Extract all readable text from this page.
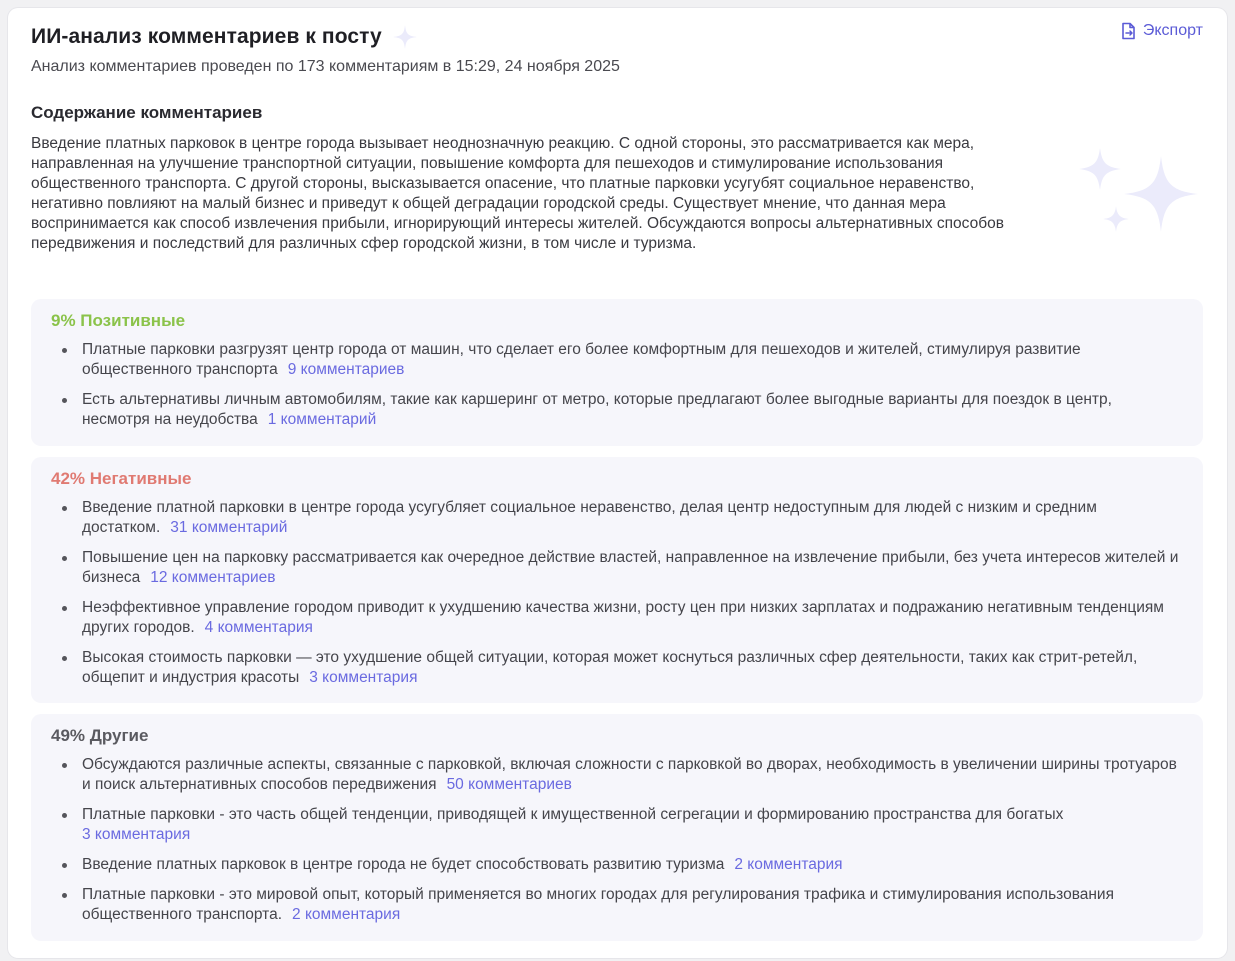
ИИ-анализ комментариев к посту

Анализ комментариев проведен по 173 комментариям в 15:29, 24 ноября 2025

Экспорт
Содержание комментариев

Введение платных парковок в центре города вызывает неоднозначную реакцию. С одной стороны, это рассматривается как мера, направленная на улучшение транспортной ситуации, повышение комфорта для пешеходов и стимулирование использования общественного транспорта. С другой стороны, высказывается опасение, что платные парковки усугубят социальное неравенство, негативно повлияют на малый бизнес и приведут к общей деградации городской среды. Существует мнение, что данная мера воспринимается как способ извлечения прибыли, игнорирующий интересы жителей. Обсуждаются вопросы альтернативных способов передвижения и последствий для различных сфер городской жизни, в том числе и туризма.

9% Позитивные
Платные парковки разгрузят центр города от машин, что сделает его более комфортным для пешеходов и жителей, стимулируя развитие общественного транспорта 9 комментариев
Есть альтернативы личным автомобилям, такие как каршеринг от метро, которые предлагают более выгодные варианты для поездок в центр, несмотря на неудобства 1 комментарий
42% Негативные
Введение платной парковки в центре города усугубляет социальное неравенство, делая центр недоступным для людей с низким и средним достатком. 31 комментарий
Повышение цен на парковку рассматривается как очередное действие властей, направленное на извлечение прибыли, без учета интересов жителей и бизнеса 12 комментариев
Неэффективное управление городом приводит к ухудшению качества жизни, росту цен при низких зарплатах и подражанию негативным тенденциям других городов. 4 комментария
Высокая стоимость парковки — это ухудшение общей ситуации, которая может коснуться различных сфер деятельности, таких как стрит-ретейл, общепит и индустрия красоты 3 комментария
49% Другие
Обсуждаются различные аспекты, связанные с парковкой, включая сложности с парковкой во дворах, необходимость в увеличении ширины тротуаров и поиск альтернативных способов передвижения 50 комментариев
Платные парковки - это часть общей тенденции, приводящей к имущественной сегрегации и формированию пространства для богатых
3 комментария
Введение платных парковок в центре города не будет способствовать развитию туризма 2 комментария
Платные парковки - это мировой опыт, который применяется во многих городах для регулирования трафика и стимулирования использования общественного транспорта. 2 комментария
